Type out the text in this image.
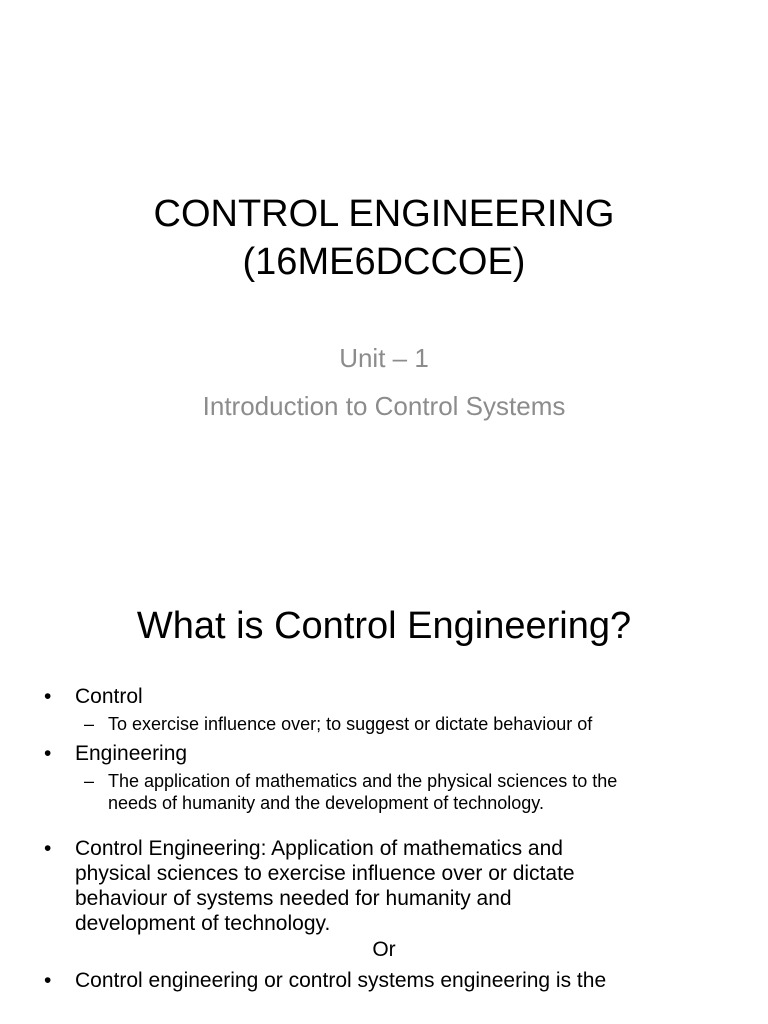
CONTROL ENGINEERING
(16ME6DCCOE)
Unit – 1
Introduction to Control Systems
What is Control Engineering?
• Control
– To exercise influence over; to suggest or dictate behaviour of
• Engineering
– The application of mathematics and the physical sciences to the
needs of humanity and the development of technology.
• Control Engineering: Application of mathematics and
physical sciences to exercise influence over or dictate
behaviour of systems needed for humanity and
development of technology.
Or
• Control engineering or control systems engineering is the
